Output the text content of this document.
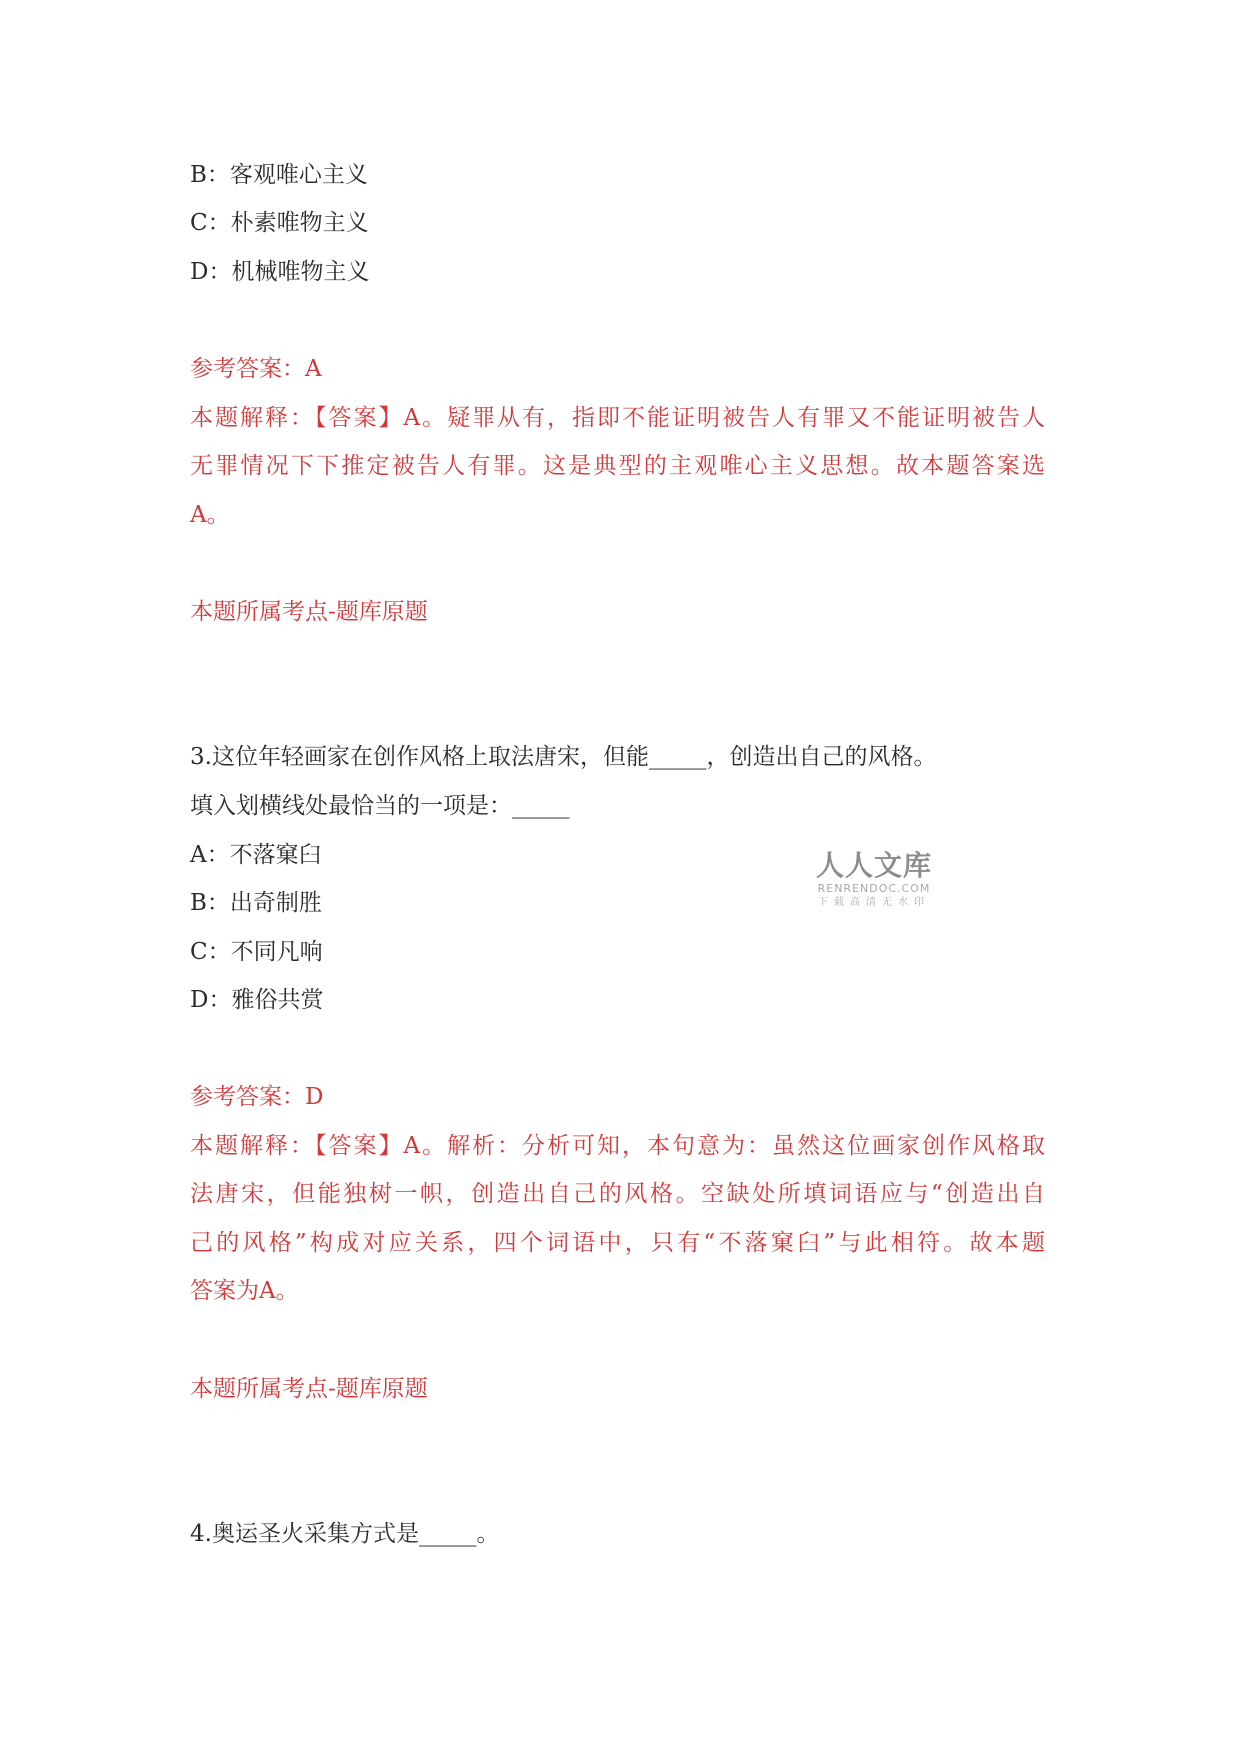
B：客观唯心主义
C：朴素唯物主义
D：机械唯物主义
参考答案：A
本题解释：【答案】A。疑罪从有，指即不能证明被告人有罪又不能证明被告人
无罪情况下下推定被告人有罪。这是典型的主观唯心主义思想。故本题答案选
A。
本题所属考点-题库原题
3.这位年轻画家在创作风格上取法唐宋，但能_____，创造出自己的风格。
填入划横线处最恰当的一项是：_____
A：不落窠臼
B：出奇制胜
C：不同凡响
D：雅俗共赏
参考答案：D
本题解释：【答案】A。解析：分析可知，本句意为：虽然这位画家创作风格取
法唐宋，但能独树一帜，创造出自己的风格。空缺处所填词语应与“创造出自
己的风格”构成对应关系，四个词语中，只有“不落窠臼”与此相符。故本题
答案为A。
本题所属考点-题库原题
4.奥运圣火采集方式是_____。
人人文库
RENRENDOC.COM
下载高清无水印
